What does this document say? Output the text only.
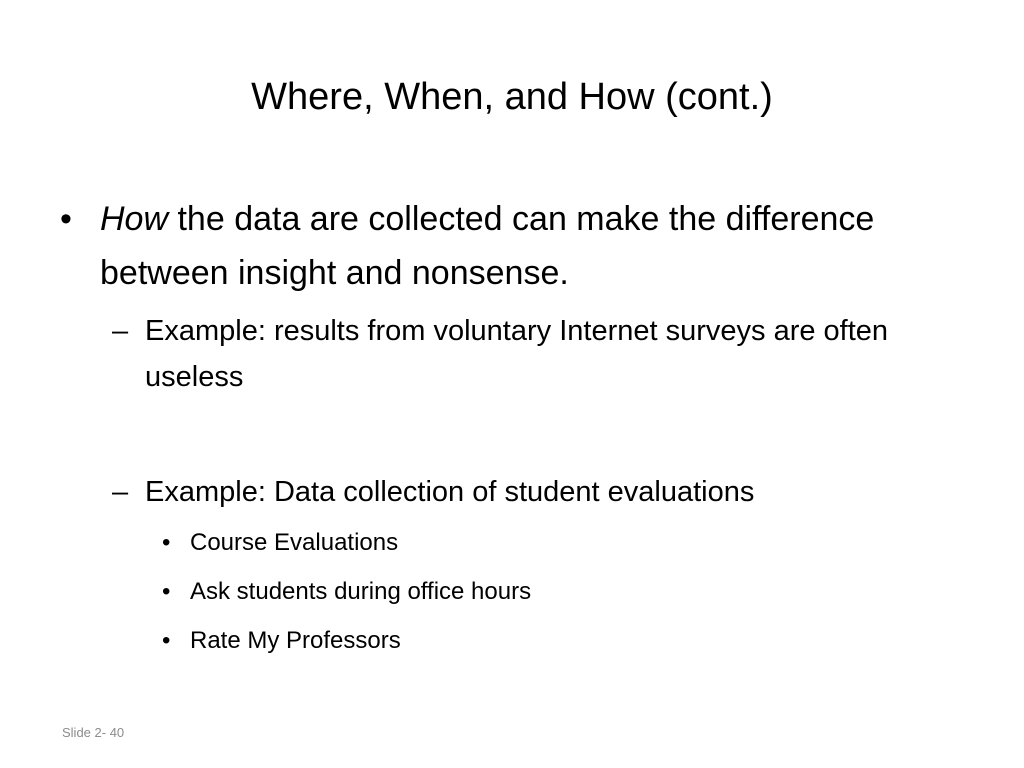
Where, When, and How (cont.)
• How the data are collected can make the difference between insight and nonsense.
– Example: results from voluntary Internet surveys are often useless
– Example: Data collection of student evaluations
• Course Evaluations
• Ask students during office hours
• Rate My Professors
Slide 2- 40
